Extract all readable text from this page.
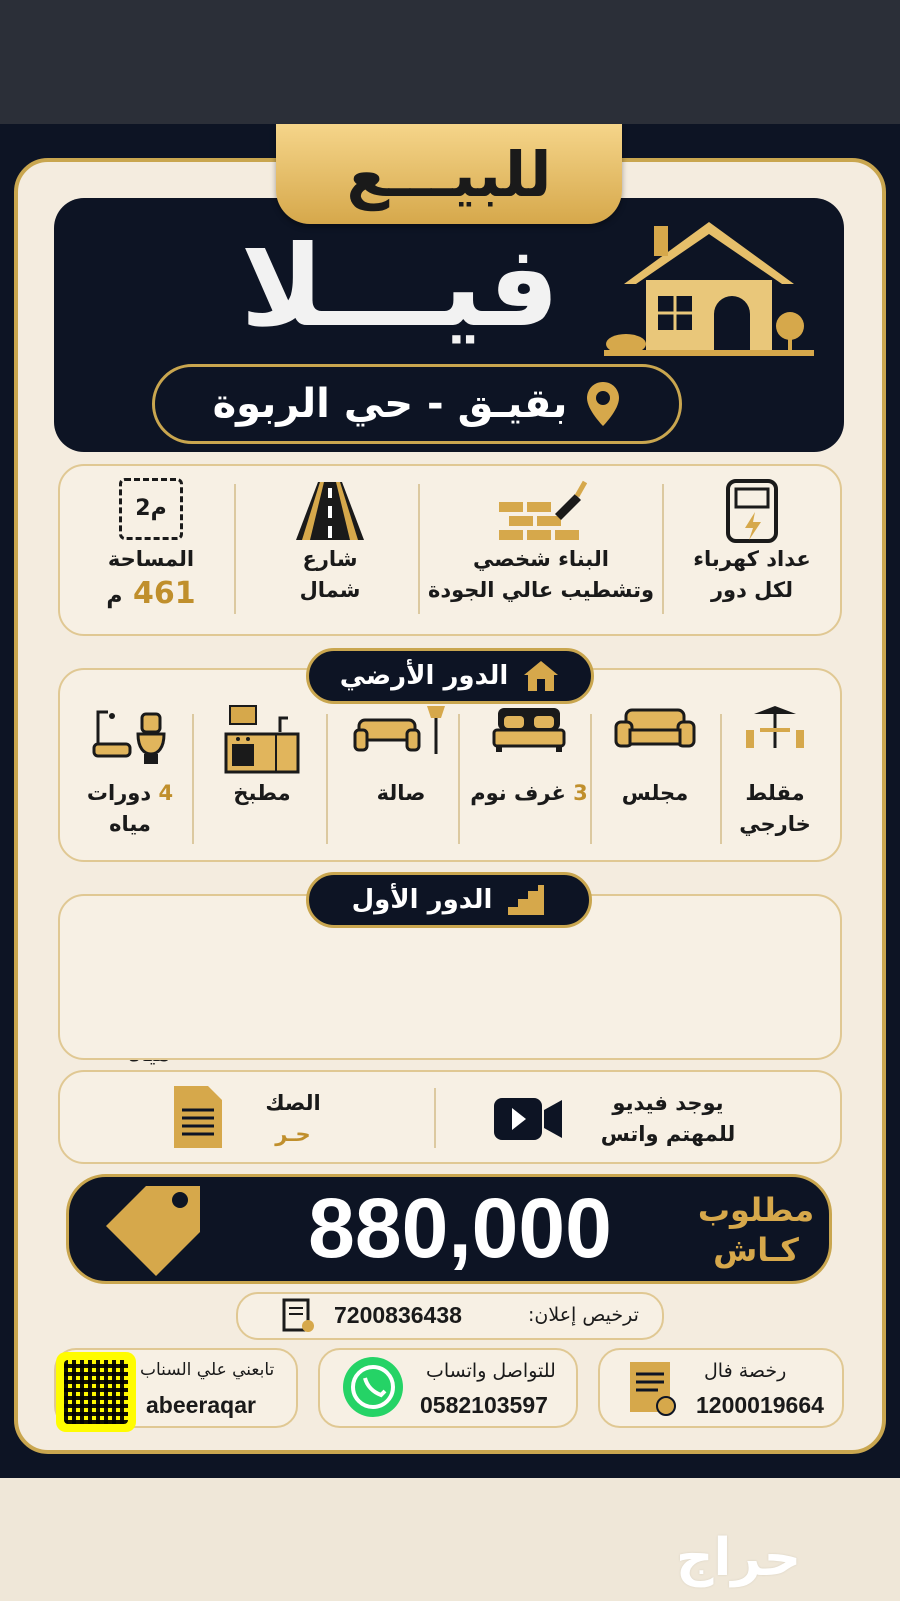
للبيـــع
فيـــلا
بقيـق - حي الربوة
عداد كهرباء
لكل دور
البناء شخصي
وتشطيب عالي الجودة
شارع
شمال
م2
المساحة
461 م
الدور الأرضي
مقلط
خارجي
مجلس
3 غرف نوم
صالة
مطبخ
4 دورات
مياه
الدور الأول
يوجد فيديو
للمهتم واتس
الصك
حـر
880,000	مطلوب
كـاش
ترخيص إعلان:
7200836438
رخصة فال
1200019664
للتواصل واتساب
0582103597
تابعني علي السناب
abeeraqar
حراج
